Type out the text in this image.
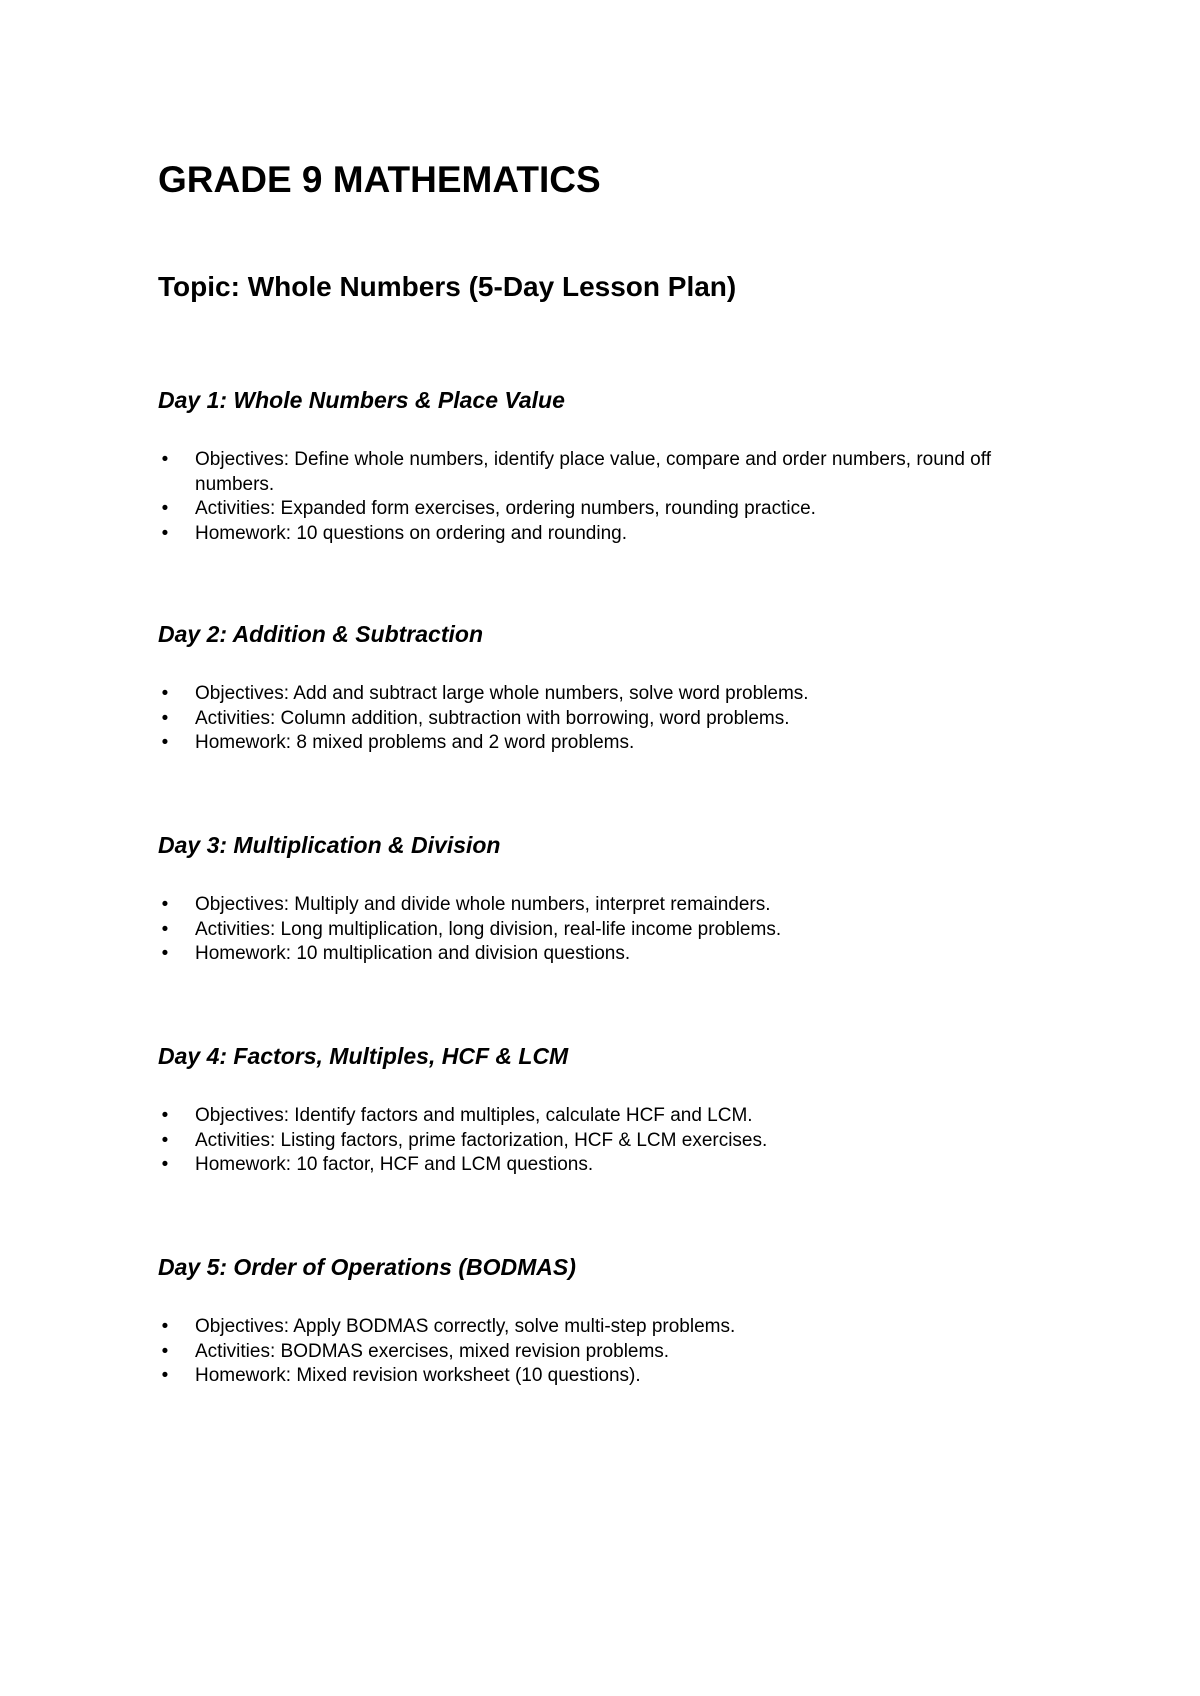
GRADE 9 MATHEMATICS
Topic: Whole Numbers (5-Day Lesson Plan)
Day 1: Whole Numbers & Place Value
• Objectives: Define whole numbers, identify place value, compare and order numbers, round off numbers.
• Activities: Expanded form exercises, ordering numbers, rounding practice.
• Homework: 10 questions on ordering and rounding.
Day 2: Addition & Subtraction
• Objectives: Add and subtract large whole numbers, solve word problems.
• Activities: Column addition, subtraction with borrowing, word problems.
• Homework: 8 mixed problems and 2 word problems.
Day 3: Multiplication & Division
• Objectives: Multiply and divide whole numbers, interpret remainders.
• Activities: Long multiplication, long division, real-life income problems.
• Homework: 10 multiplication and division questions.
Day 4: Factors, Multiples, HCF & LCM
• Objectives: Identify factors and multiples, calculate HCF and LCM.
• Activities: Listing factors, prime factorization, HCF & LCM exercises.
• Homework: 10 factor, HCF and LCM questions.
Day 5: Order of Operations (BODMAS)
• Objectives: Apply BODMAS correctly, solve multi-step problems.
• Activities: BODMAS exercises, mixed revision problems.
• Homework: Mixed revision worksheet (10 questions).
